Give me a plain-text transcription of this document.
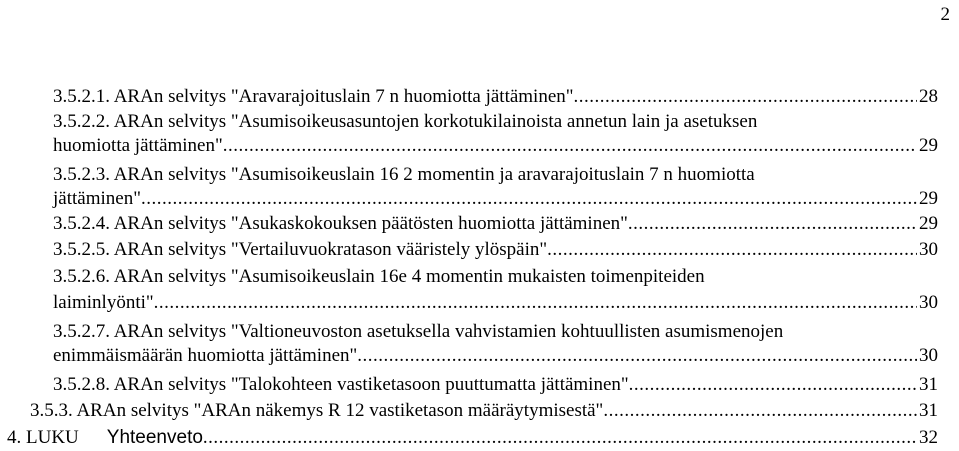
2
3.5.2.1. ARAn selvitys "Aravarajoituslain 7 n huomiotta jättäminen" .....	28
3.5.2.2. ARAn selvitys "Asumisoikeusasuntojen korkotukilainoista annetun lain ja asetuksen
huomiotta jättäminen" .....	29
3.5.2.3. ARAn selvitys "Asumisoikeuslain 16 2 momentin ja aravarajoituslain 7 n huomiotta
jättäminen" .....	29
3.5.2.4. ARAn selvitys "Asukaskokouksen päätösten huomiotta jättäminen" .....	29
3.5.2.5. ARAn selvitys "Vertailuvuokratason vääristely ylöspäin" .....	30
3.5.2.6. ARAn selvitys "Asumisoikeuslain 16e 4 momentin mukaisten toimenpiteiden
laiminlyönti" .....	30
3.5.2.7. ARAn selvitys "Valtioneuvoston asetuksella vahvistamien kohtuullisten asumismenojen
enimmäismäärän huomiotta jättäminen" .....	30
3.5.2.8. ARAn selvitys "Talokohteen vastiketasoon puuttumatta jättäminen" .....	31
3.5.3. ARAn selvitys "ARAn näkemys R 12 vastiketason määräytymisestä" .....	31
4. LUKU Yhteenveto .....	32
